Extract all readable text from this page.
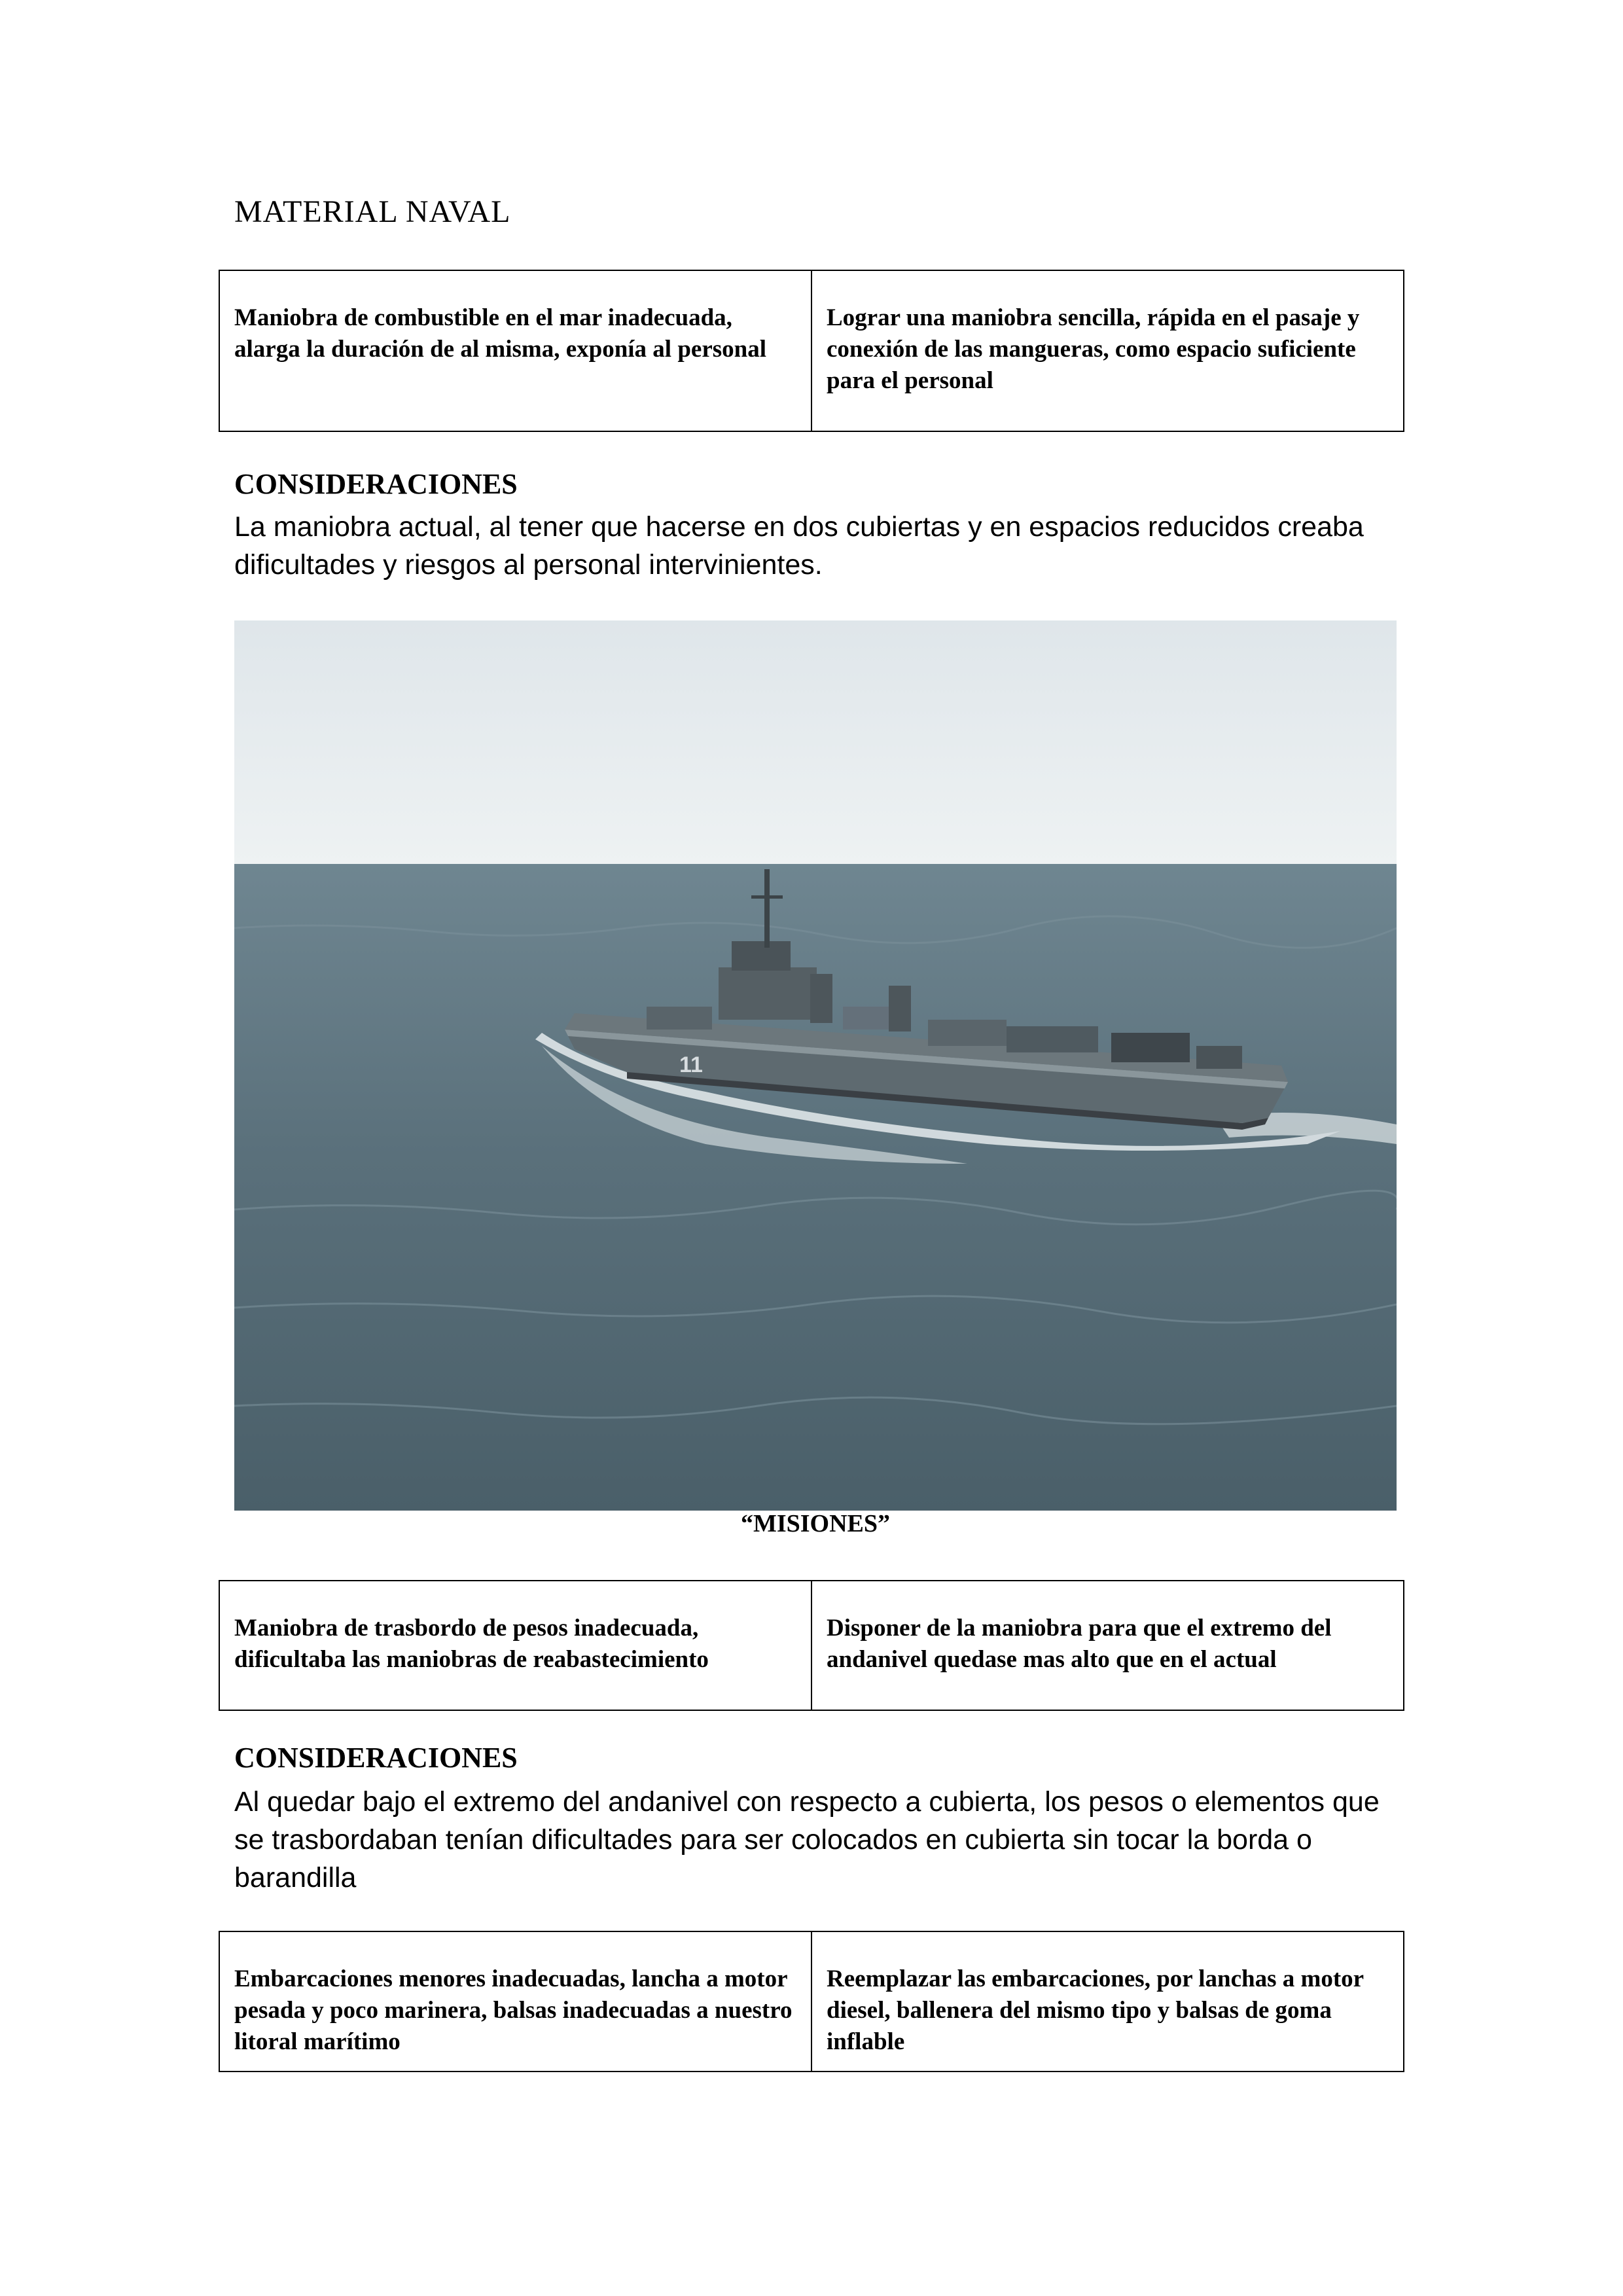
MATERIAL NAVAL
Maniobra de combustible en el mar inadecuada, alarga la duración de al misma, exponía al personal	Lograr una maniobra sencilla, rápida en el pasaje y conexión de las mangueras, como espacio suficiente para el personal
CONSIDERACIONES
La maniobra actual, al tener que hacerse en dos cubiertas y en espacios reducidos creaba dificultades y riesgos al personal intervinientes.
11
“MISIONES”
Maniobra de trasbordo de pesos inadecuada, dificultaba las maniobras de reabastecimiento	Disponer de la maniobra para que el extremo del andanivel quedase mas alto que en el actual
CONSIDERACIONES
Al quedar bajo el extremo del andanivel con respecto a cubierta, los pesos o elementos que se trasbordaban tenían dificultades para ser colocados en cubierta sin tocar la borda o barandilla
Embarcaciones menores inadecuadas, lancha a motor pesada y poco marinera, balsas inadecuadas a nuestro litoral marítimo	Reemplazar las embarcaciones, por lanchas a motor diesel, ballenera del mismo tipo y balsas de goma inflable
